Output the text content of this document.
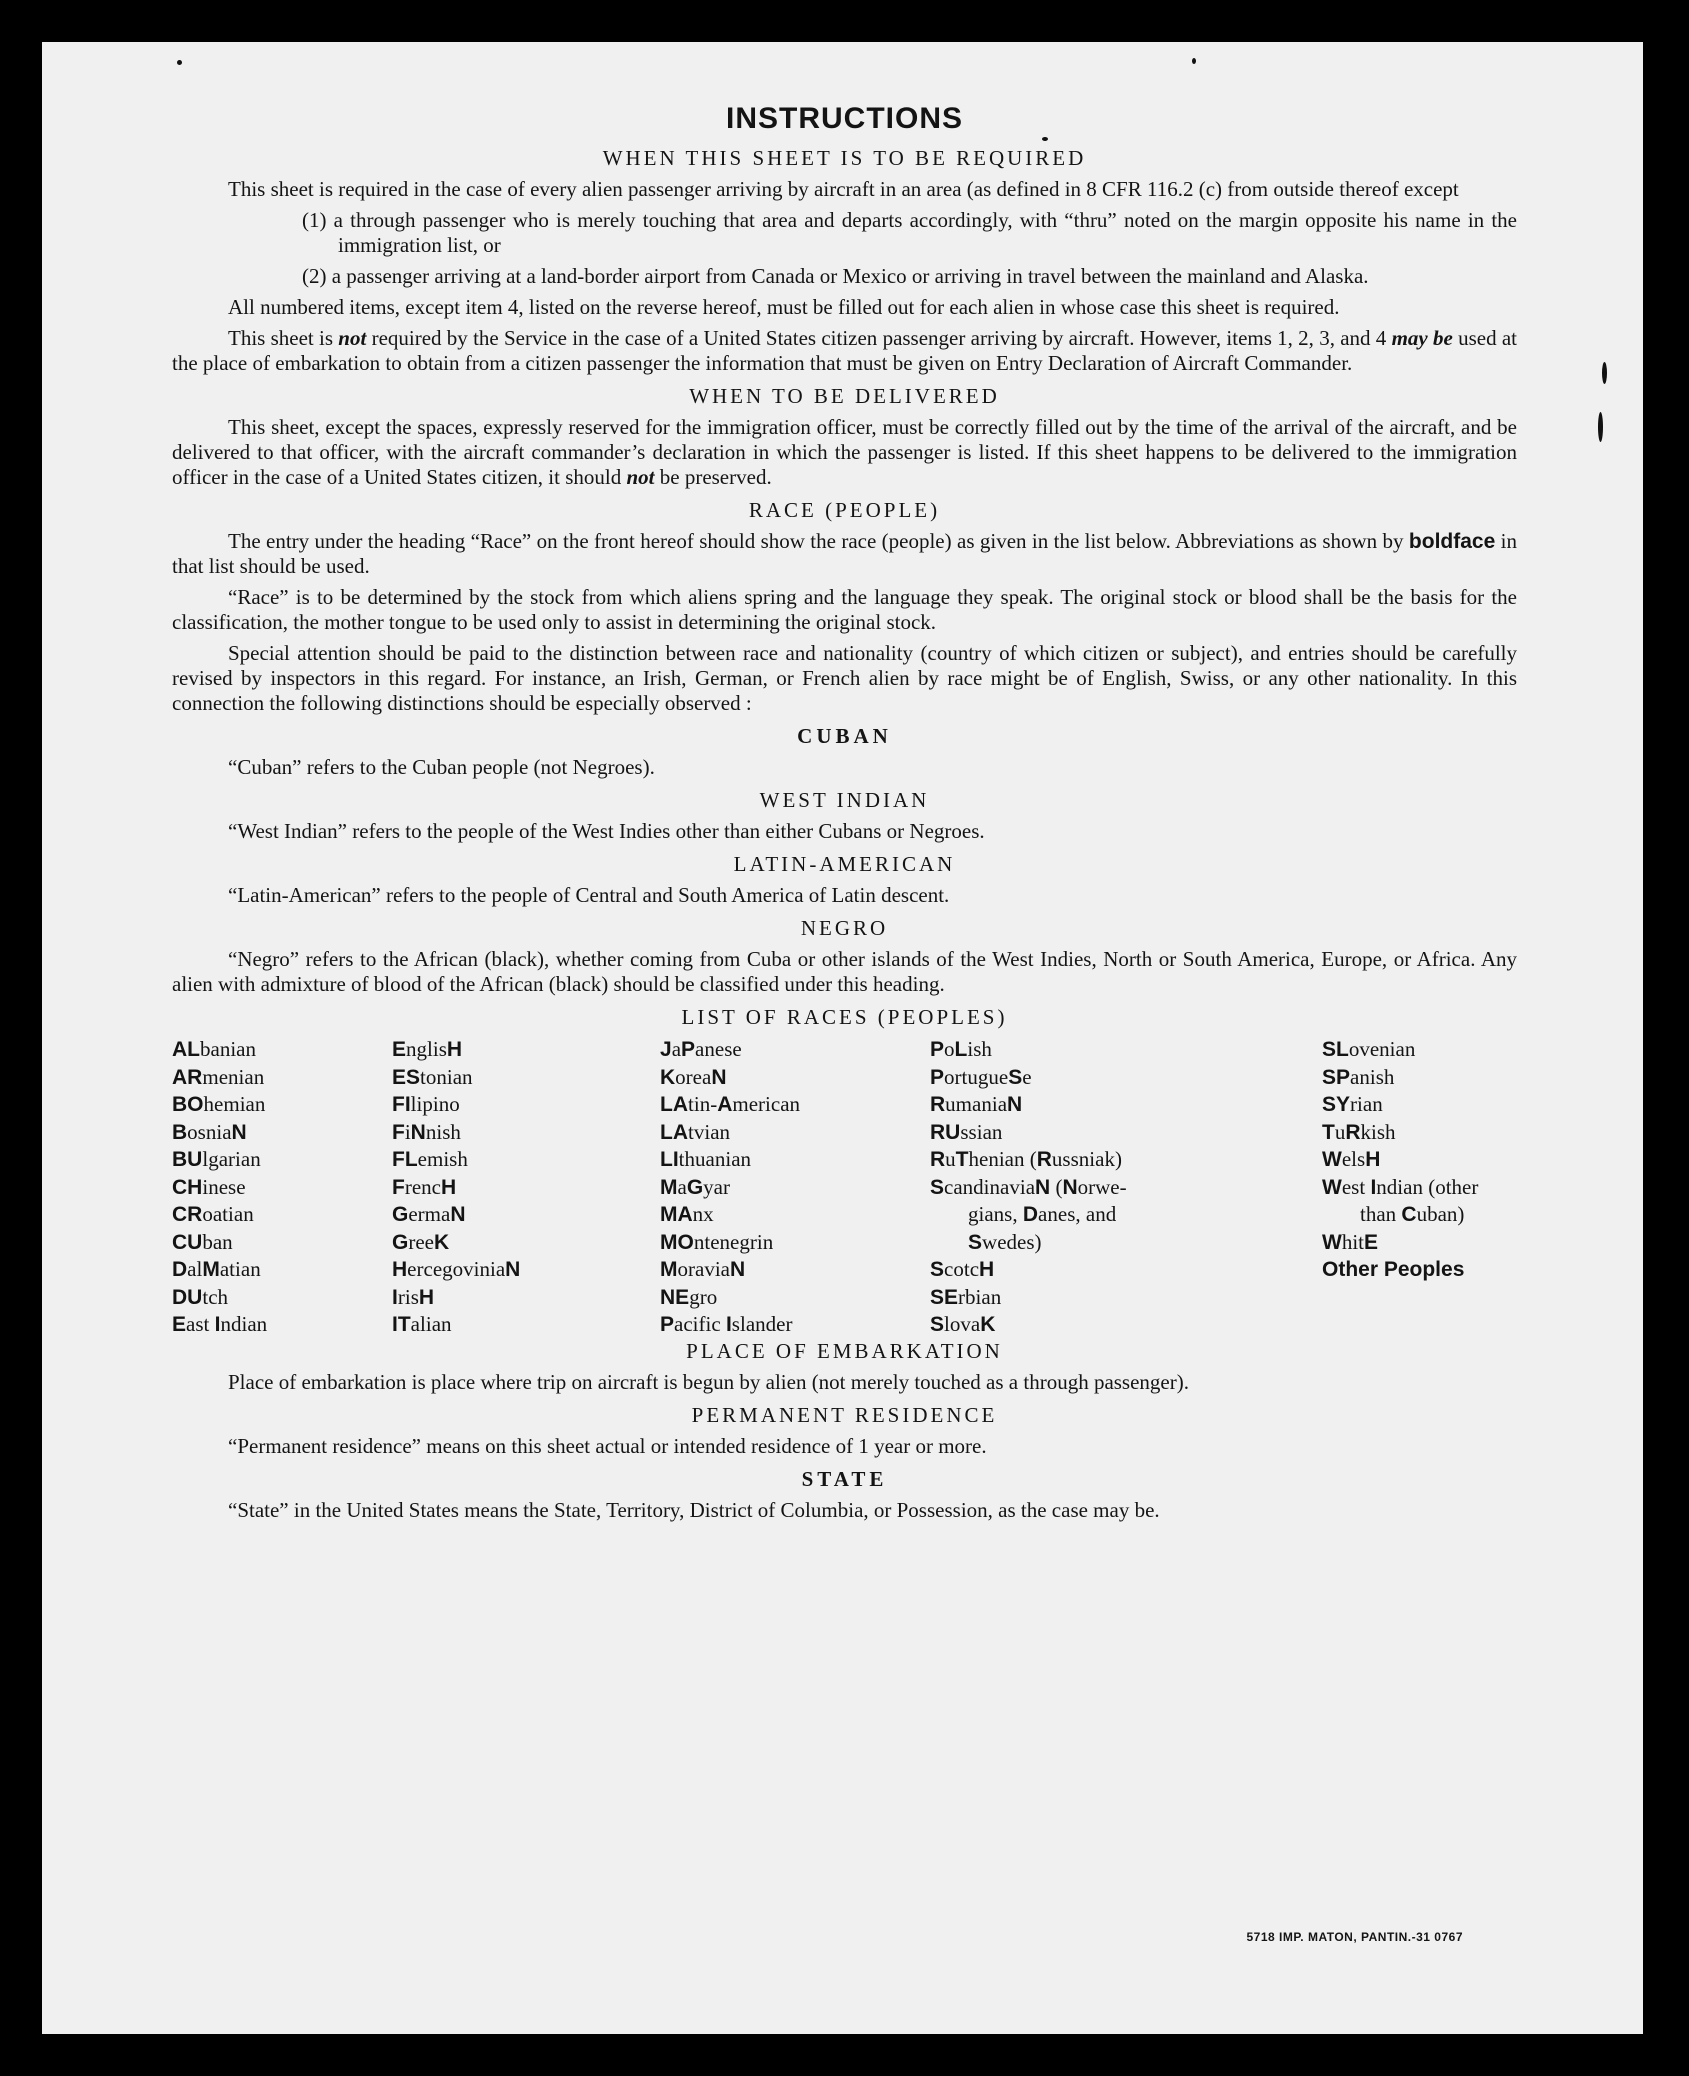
INSTRUCTIONS
WHEN THIS SHEET IS TO BE REQUIRED

This sheet is required in the case of every alien passenger arriving by aircraft in an area (as defined in 8 CFR 116.2 (c) from outside thereof except

(1) a through passenger who is merely touching that area and departs accordingly, with “thru” noted on the margin opposite his name in the immigration list, or

(2) a passenger arriving at a land-border airport from Canada or Mexico or arriving in travel between the mainland and Alaska.

All numbered items, except item 4, listed on the reverse hereof, must be filled out for each alien in whose case this sheet is required.

This sheet is not required by the Service in the case of a United States citizen passenger arriving by aircraft. However, items 1, 2, 3, and 4 may be used at the place of embarkation to obtain from a citizen passenger the information that must be given on Entry Declaration of Aircraft Commander.

WHEN TO BE DELIVERED

This sheet, except the spaces, expressly reserved for the immigration officer, must be correctly filled out by the time of the arrival of the aircraft, and be delivered to that officer, with the aircraft commander’s declaration in which the passenger is listed. If this sheet happens to be delivered to the immigration officer in the case of a United States citizen, it should not be preserved.

RACE (PEOPLE)

The entry under the heading “Race” on the front hereof should show the race (people) as given in the list below. Abbreviations as shown by boldface in that list should be used.

“Race” is to be determined by the stock from which aliens spring and the language they speak. The original stock or blood shall be the basis for the classification, the mother tongue to be used only to assist in determining the original stock.

Special attention should be paid to the distinction between race and nationality (country of which citizen or subject), and entries should be carefully revised by inspectors in this regard. For instance, an Irish, German, or French alien by race might be of English, Swiss, or any other nationality. In this connection the following distinctions should be especially observed :

CUBAN

“Cuban” refers to the Cuban people (not Negroes).

WEST INDIAN

“West Indian” refers to the people of the West Indies other than either Cubans or Negroes.

LATIN-AMERICAN

“Latin-American” refers to the people of Central and South America of Latin descent.

NEGRO

“Negro” refers to the African (black), whether coming from Cuba or other islands of the West Indies, North or South America, Europe, or Africa. Any alien with admixture of blood of the African (black) should be classified under this heading.

LIST OF RACES (PEOPLES)
ALbanian
ARmenian
BOhemian
BosniaN
BUlgarian
CHinese
CRoatian
CUban
DalMatian
DUtch
East Indian
EnglisH
EStonian
FIlipino
FiNnish
FLemish
FrencH
GermaN
GreeK
HercegoviniaN
IrisH
ITalian
JaPanese
KoreaN
LAtin-American
LAtvian
LIthuanian
MaGyar
MAnx
MOntenegrin
MoraviaN
NEgro
Pacific Islander
PoLish
PortugueSe
RumaniaN
RUssian
RuThenian (Russniak)
ScandinaviaN (Norwe-
gians, Danes, and
Swedes)
ScotcH
SErbian
SlovaK
SLovenian
SPanish
SYrian
TuRkish
WelsH
West Indian (other
than Cuban)
WhitE
Other Peoples
PLACE OF EMBARKATION

Place of embarkation is place where trip on aircraft is begun by alien (not merely touched as a through passenger).

PERMANENT RESIDENCE

“Permanent residence” means on this sheet actual or intended residence of 1 year or more.

STATE

“State” in the United States means the State, Territory, District of Columbia, or Possession, as the case may be.

5718 IMP. MATON, PANTIN.-31 0767
